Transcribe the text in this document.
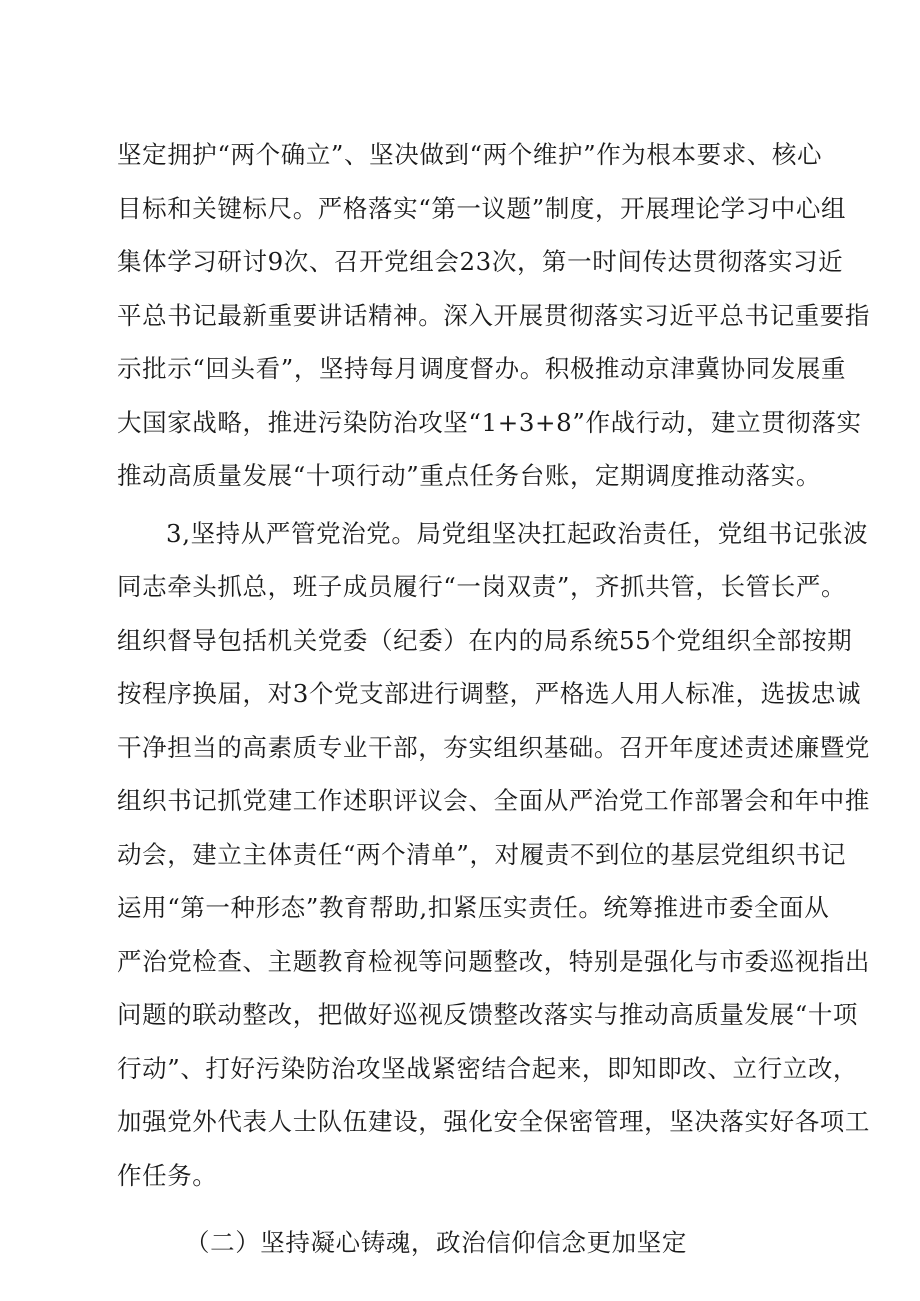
坚定拥护“两个确立”、坚决做到“两个维护”作为根本要求、核心
目标和关键标尺。严格落实“第一议题”制度，开展理论学习中心组
集体学习研讨9次、召开党组会23次，第一时间传达贯彻落实习近
平总书记最新重要讲话精神。深入开展贯彻落实习近平总书记重要指
示批示“回头看”，坚持每月调度督办。积极推动京津冀协同发展重
大国家战略，推进污染防治攻坚“1+3+8”作战行动，建立贯彻落实
推动高质量发展“十项行动”重点任务台账，定期调度推动落实。
3,坚持从严管党治党。局党组坚决扛起政治责任，党组书记张波
同志牵头抓总，班子成员履行“一岗双责”，齐抓共管，长管长严。
组织督导包括机关党委（纪委）在内的局系统55个党组织全部按期
按程序换届，对3个党支部进行调整，严格选人用人标准，选拔忠诚
干净担当的高素质专业干部，夯实组织基础。召开年度述责述廉暨党
组织书记抓党建工作述职评议会、全面从严治党工作部署会和年中推
动会，建立主体责任“两个清单”，对履责不到位的基层党组织书记
运用“第一种形态”教育帮助,扣紧压实责任。统筹推进市委全面从
严治党检查、主题教育检视等问题整改，特别是强化与市委巡视指出
问题的联动整改，把做好巡视反馈整改落实与推动高质量发展“十项
行动”、打好污染防治攻坚战紧密结合起来，即知即改、立行立改，
加强党外代表人士队伍建设，强化安全保密管理，坚决落实好各项工
作任务。
（二）坚持凝心铸魂，政治信仰信念更加坚定
